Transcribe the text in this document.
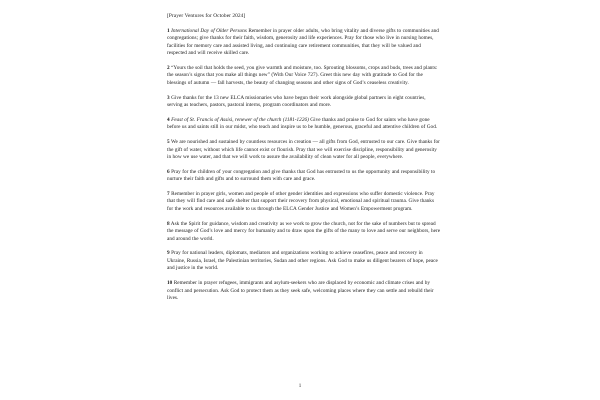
[Prayer Ventures for October 2024]

1 International Day of Older Persons Remember in prayer older adults, who bring vitality and diverse gifts to communities and congregations; give thanks for their faith, wisdom, generosity and life experiences. Pray for those who live in nursing homes, facilities for memory care and assisted living, and continuing care retirement communities, that they will be valued and respected and will receive skilled care.

2 “Yours the soil that holds the seed, you give warmth and moisture, too. Sprouting blossoms, crops and buds, trees and plants: the season’s signs that you make all things new” (With Our Voice 727). Greet this new day with gratitude to God for the blessings of autumn — fall harvests, the beauty of changing seasons and other signs of God’s ceaseless creativity.

3 Give thanks for the 13 new ELCA missionaries who have begun their work alongside global partners in eight countries, serving as teachers, pastors, pastoral interns, program coordinators and more.

4 Feast of St. Francis of Assisi, renewer of the church (1181-1226) Give thanks and praise to God for saints who have gone before us and saints still in our midst, who teach and inspire us to be humble, generous, graceful and attentive children of God.

5 We are nourished and sustained by countless resources in creation — all gifts from God, entrusted to our care. Give thanks for the gift of water, without which life cannot exist or flourish. Pray that we will exercise discipline, responsibility and generosity in how we use water, and that we will work to assure the availability of clean water for all people, everywhere.

6 Pray for the children of your congregation and give thanks that God has entrusted to us the opportunity and responsibility to nurture their faith and gifts and to surround them with care and grace.

7 Remember in prayer girls, women and people of other gender identities and expressions who suffer domestic violence. Pray that they will find care and safe shelter that support their recovery from physical, emotional and spiritual trauma. Give thanks for the work and resources available to us through the ELCA Gender Justice and Women’s Empowerment program.

8 Ask the Spirit for guidance, wisdom and creativity as we work to grow the church, not for the sake of numbers but to spread the message of God’s love and mercy for humanity and to draw upon the gifts of the many to love and serve our neighbors, here and around the world.

9 Pray for national leaders, diplomats, mediators and organizations working to achieve ceasefires, peace and recovery in Ukraine, Russia, Israel, the Palestinian territories, Sudan and other regions. Ask God to make us diligent bearers of hope, peace and justice in the world.

10 Remember in prayer refugees, immigrants and asylum-seekers who are displaced by economic and climate crises and by conflict and persecution. Ask God to protect them as they seek safe, welcoming places where they can settle and rebuild their lives.

1
